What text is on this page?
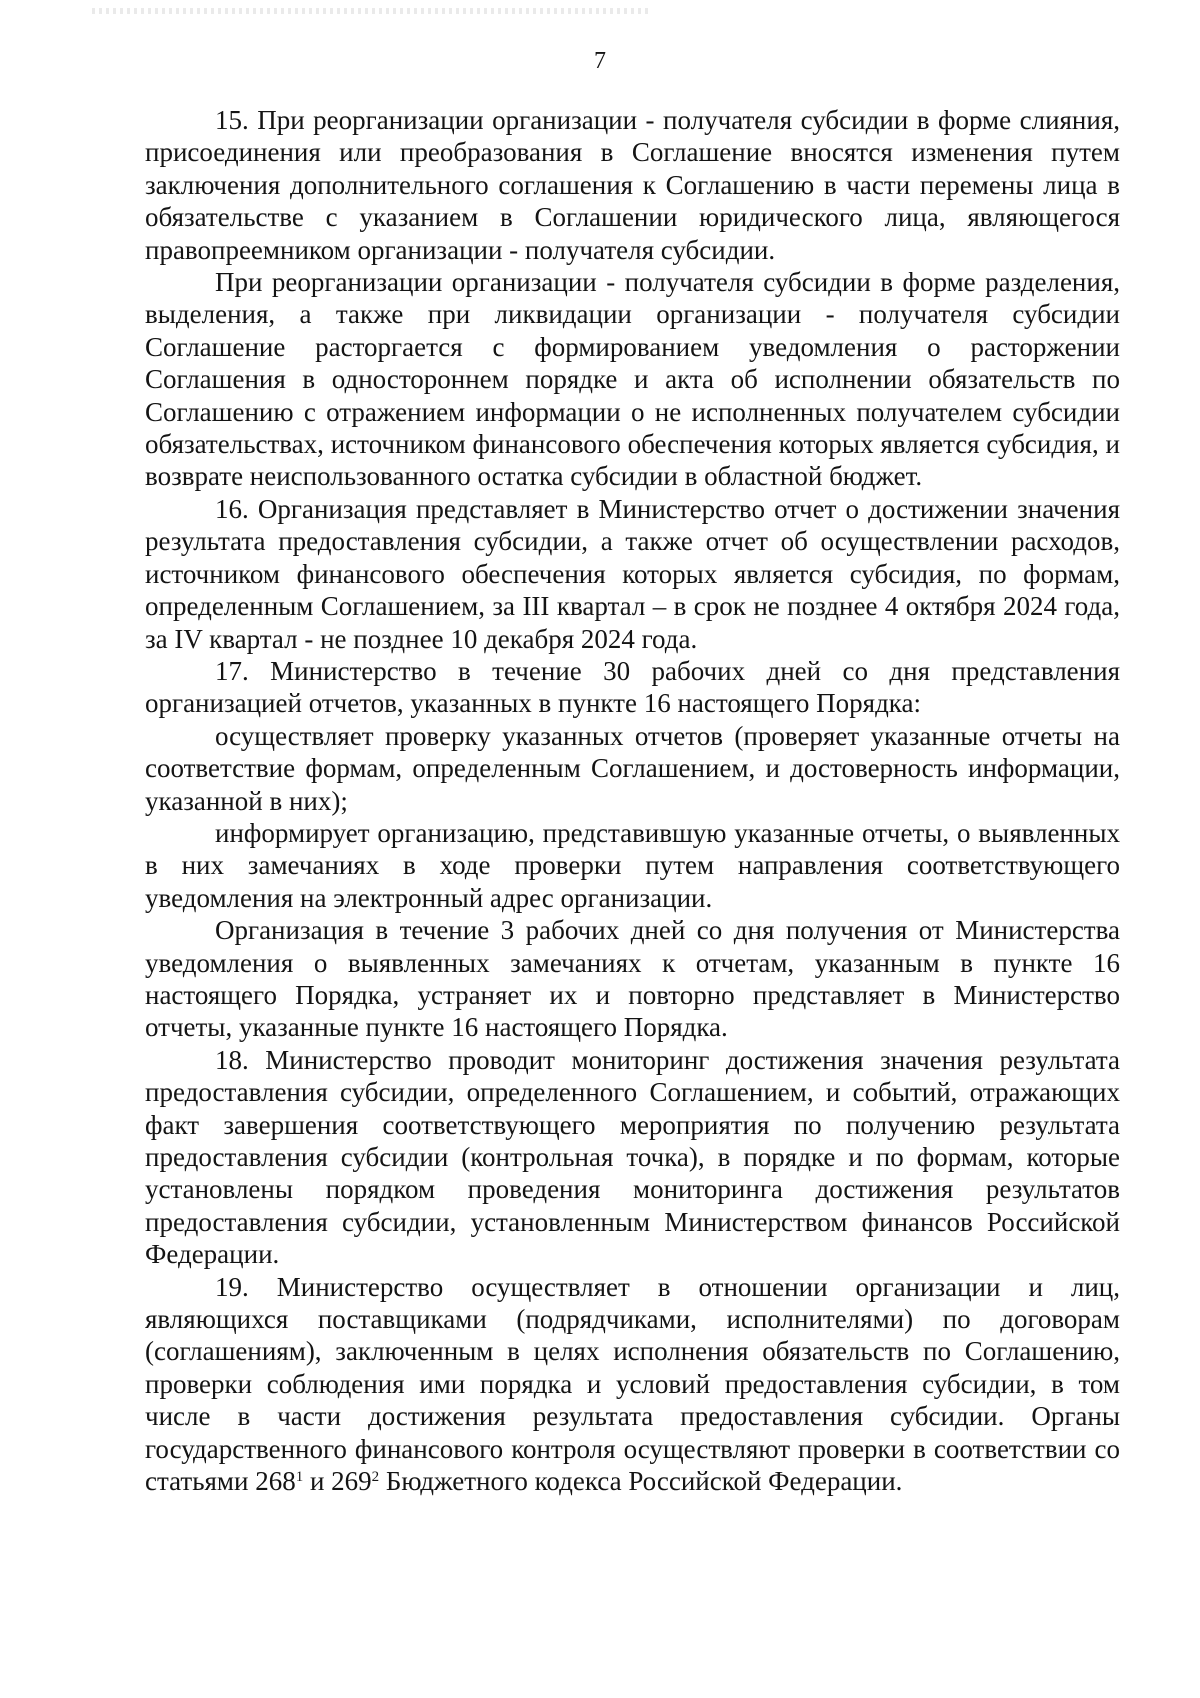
7

15. При реорганизации организации - получателя субсидии в форме слияния, присоединения или преобразования в Соглашение вносятся изменения путем заключения дополнительного соглашения к Соглашению в части перемены лица в обязательстве с указанием в Соглашении юридического лица, являющегося правопреемником организации - получателя субсидии.

При реорганизации организации - получателя субсидии в форме разделения, выделения, а также при ликвидации организации - получателя субсидии Соглашение расторгается с формированием уведомления о расторжении Соглашения в одностороннем порядке и акта об исполнении обязательств по Соглашению с отражением информации о не исполненных получателем субсидии обязательствах, источником финансового обеспечения которых является субсидия, и возврате неиспользованного остатка субсидии в областной бюджет.

16. Организация представляет в Министерство отчет о достижении значения результата предоставления субсидии, а также отчет об осуществлении расходов, источником финансового обеспечения которых является субсидия, по формам, определенным Соглашением, за III квартал – в срок не позднее 4 октября 2024 года, за IV квартал - не позднее 10 декабря 2024 года.

17. Министерство в течение 30 рабочих дней со дня представления организацией отчетов, указанных в пункте 16 настоящего Порядка:

осуществляет проверку указанных отчетов (проверяет указанные отчеты на соответствие формам, определенным Соглашением, и достоверность информации, указанной в них);

информирует организацию, представившую указанные отчеты, о выявленных в них замечаниях в ходе проверки путем направления соответствующего уведомления на электронный адрес организации.

Организация в течение 3 рабочих дней со дня получения от Министерства уведомления о выявленных замечаниях к отчетам, указанным в пункте 16 настоящего Порядка, устраняет их и повторно представляет в Министерство отчеты, указанные пункте 16 настоящего Порядка.

18. Министерство проводит мониторинг достижения значения результата предоставления субсидии, определенного Соглашением, и событий, отражающих факт завершения соответствующего мероприятия по получению результата предоставления субсидии (контрольная точка), в порядке и по формам, которые установлены порядком проведения мониторинга достижения результатов предоставления субсидии, установленным Министерством финансов Российской Федерации.

19. Министерство осуществляет в отношении организации и лиц, являющихся поставщиками (подрядчиками, исполнителями) по договорам (соглашениям), заключенным в целях исполнения обязательств по Соглашению, проверки соблюдения ими порядка и условий предоставления субсидии, в том числе в части достижения результата предоставления субсидии. Органы государственного финансового контроля осуществляют проверки в соответствии со статьями $268^1$ и $269^2$ Бюджетного кодекса Российской Федерации.
